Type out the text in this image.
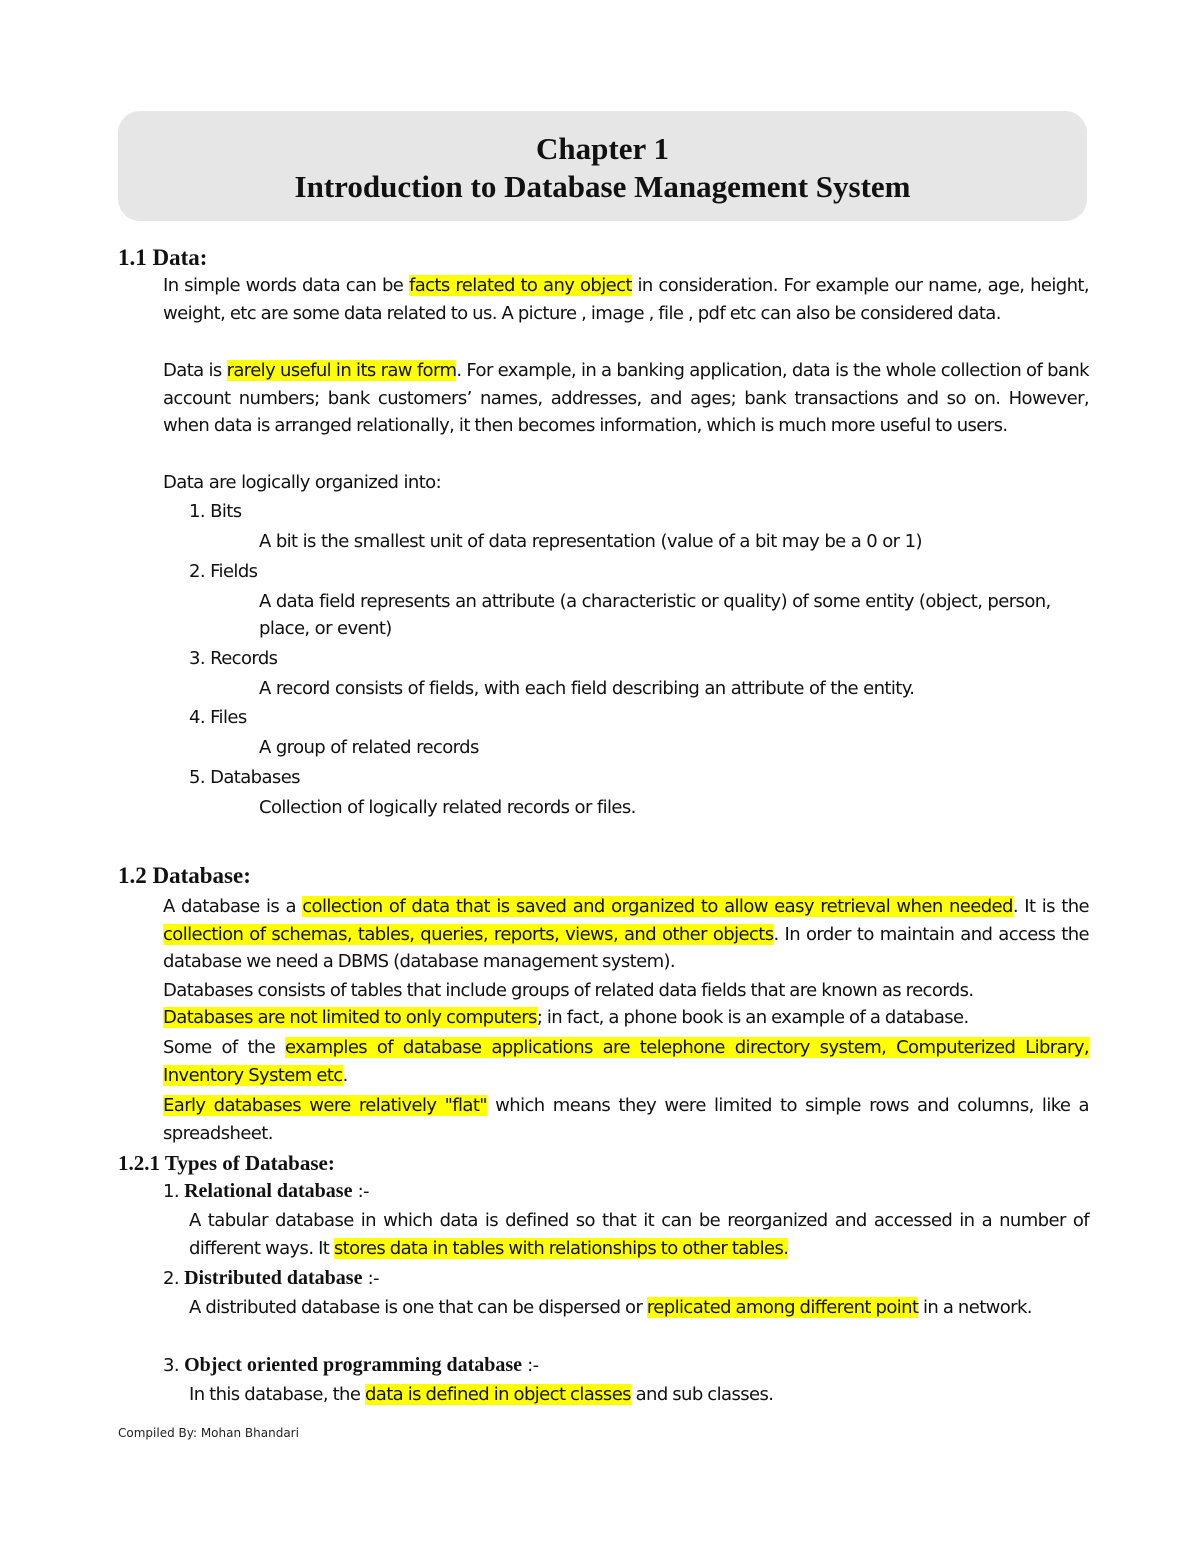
Chapter 1
Introduction to Database Management System
1.1 Data:
In simple words data can be facts related to any object in consideration. For example our name, age, height, weight, etc are some data related to us. A picture , image , file , pdf etc can also be considered data.
Data is rarely useful in its raw form. For example, in a banking application, data is the whole collection of bank account numbers; bank customers’ names, addresses, and ages; bank transactions and so on. However, when data is arranged relationally, it then becomes information, which is much more useful to users.
Data are logically organized into:
1. Bits
A bit is the smallest unit of data representation (value of a bit may be a 0 or 1)
2. Fields
A data field represents an attribute (a characteristic or quality) of some entity (object, person, place, or event)
3. Records
A record consists of fields, with each field describing an attribute of the entity.
4. Files
A group of related records
5. Databases
Collection of logically related records or files.
1.2 Database:
A database is a collection of data that is saved and organized to allow easy retrieval when needed. It is the collection of schemas, tables, queries, reports, views, and other objects. In order to maintain and access the database we need a DBMS (database management system).
Databases consists of tables that include groups of related data fields that are known as records.
Databases are not limited to only computers; in fact, a phone book is an example of a database.
Some of the examples of database applications are telephone directory system, Computerized Library, Inventory System etc.
Early databases were relatively "flat" which means they were limited to simple rows and columns, like a spreadsheet.
1.2.1 Types of Database:
1. Relational database :-
A tabular database in which data is defined so that it can be reorganized and accessed in a number of different ways. It stores data in tables with relationships to other tables.
2. Distributed database :-
A distributed database is one that can be dispersed or replicated among different point in a network.
3. Object oriented programming database :-
In this database, the data is defined in object classes and sub classes.
Compiled By: Mohan Bhandari
